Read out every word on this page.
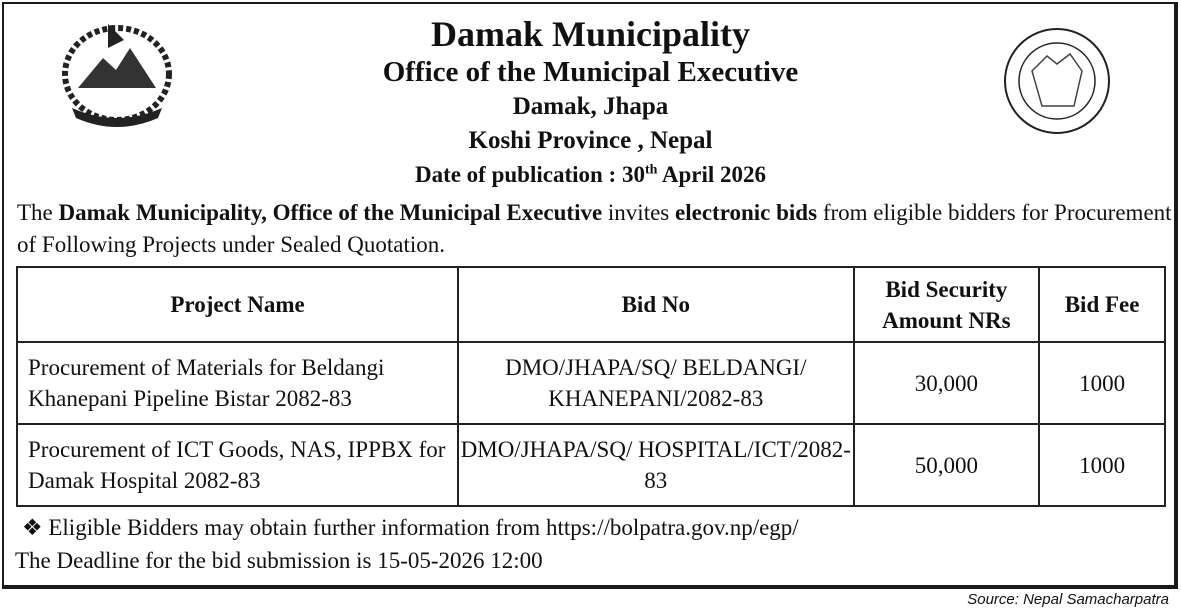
Damak Municipality
Office of the Municipal Executive
Damak, Jhapa
Koshi Province , Nepal
Date of publication : 30th April 2026
The Damak Municipality, Office of the Municipal Executive invites electronic bids from eligible bidders for Procurement of Following Projects under Sealed Quotation.
Project Name	Bid No	Bid Security Amount NRs	Bid Fee
Procurement of Materials for Beldangi Khanepani Pipeline Bistar 2082-83	DMO/JHAPA/SQ/ BELDANGI/ KHANEPANI/2082-83	30,000	1000
Procurement of ICT Goods, NAS, IPPBX for Damak Hospital 2082-83	DMO/JHAPA/SQ/ HOSPITAL/ICT/2082-83	50,000	1000
❖ Eligible Bidders may obtain further information from https://bolpatra.gov.np/egp/
The Deadline for the bid submission is 15-05-2026 12:00
Source: Nepal Samacharpatra
